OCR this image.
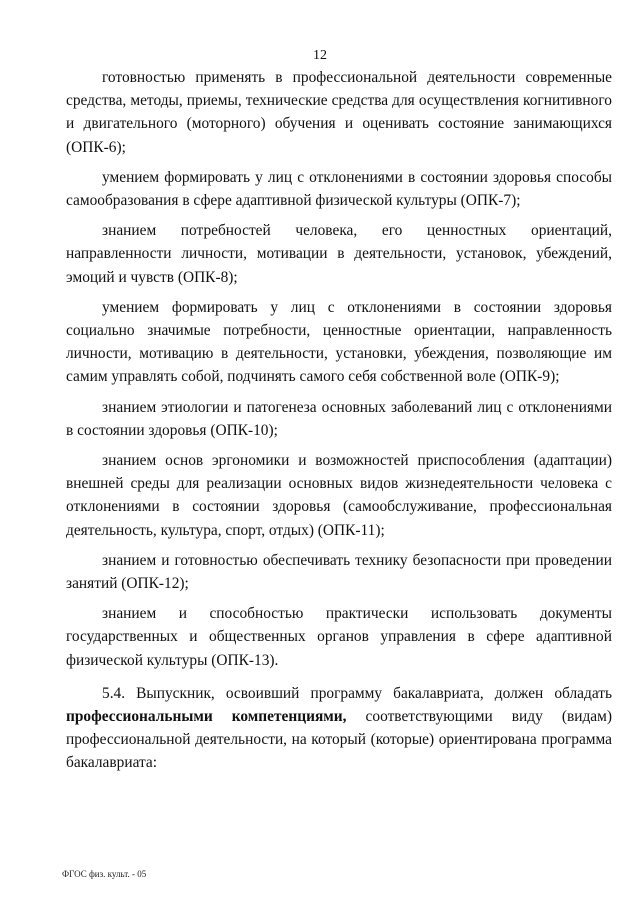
12

готовностью применять в профессиональной деятельности современные средства, методы, приемы, технические средства для осуществления когнитивного и двигательного (моторного) обучения и оценивать состояние занимающихся (ОПК-6);

умением формировать у лиц с отклонениями в состоянии здоровья способы самообразования в сфере адаптивной физической культуры (ОПК-7);

знанием потребностей человека, его ценностных ориентаций, направленности личности, мотивации в деятельности, установок, убеждений, эмоций и чувств (ОПК-8);

умением формировать у лиц с отклонениями в состоянии здоровья социально значимые потребности, ценностные ориентации, направленность личности, мотивацию в деятельности, установки, убеждения, позволяющие им самим управлять собой, подчинять самого себя собственной воле (ОПК-9);

знанием этиологии и патогенеза основных заболеваний лиц с отклонениями в состоянии здоровья (ОПК-10);

знанием основ эргономики и возможностей приспособления (адаптации) внешней среды для реализации основных видов жизнедеятельности человека с отклонениями в состоянии здоровья (самообслуживание, профессиональная деятельность, культура, спорт, отдых) (ОПК-11);

знанием и готовностью обеспечивать технику безопасности при проведении занятий (ОПК-12);

знанием и способностью практически использовать документы государственных и общественных органов управления в сфере адаптивной физической культуры (ОПК-13).

5.4. Выпускник, освоивший программу бакалавриата, должен обладать профессиональными компетенциями, соответствующими виду (видам) профессиональной деятельности, на который (которые) ориентирована программа бакалавриата:

ФГОС физ. культ. - 05
